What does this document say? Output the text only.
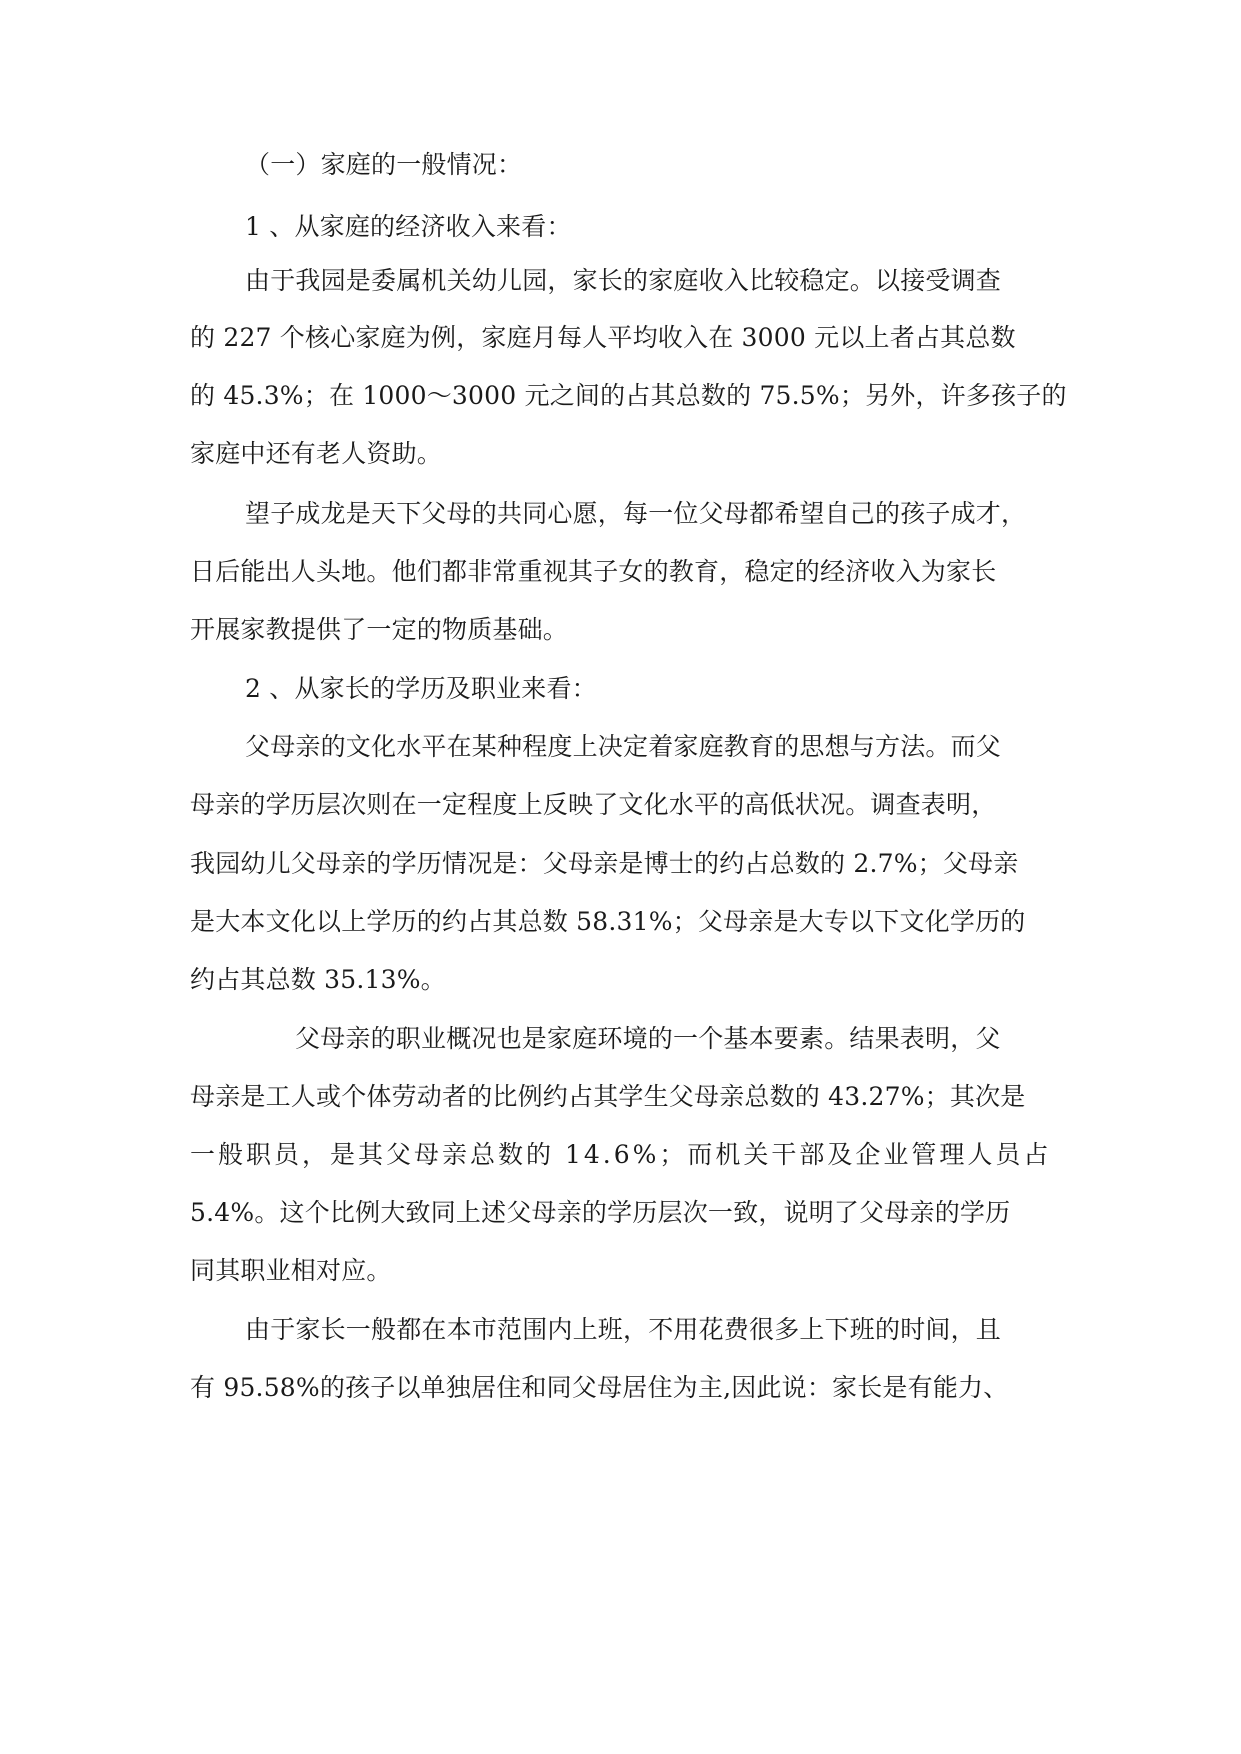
（一）家庭的一般情况：
1 、从家庭的经济收入来看：
由于我园是委属机关幼儿园，家长的家庭收入比较稳定。以接受调查
的 227 个核心家庭为例，家庭月每人平均收入在 3000 元以上者占其总数
的 45.3%；在 1000～3000 元之间的占其总数的 75.5%；另外，许多孩子的
家庭中还有老人资助。
望子成龙是天下父母的共同心愿，每一位父母都希望自己的孩子成才，
日后能出人头地。他们都非常重视其子女的教育，稳定的经济收入为家长
开展家教提供了一定的物质基础。
2 、从家长的学历及职业来看：
父母亲的文化水平在某种程度上决定着家庭教育的思想与方法。而父
母亲的学历层次则在一定程度上反映了文化水平的高低状况。调查表明，
我园幼儿父母亲的学历情况是：父母亲是博士的约占总数的 2.7%；父母亲
是大本文化以上学历的约占其总数 58.31%；父母亲是大专以下文化学历的
约占其总数 35.13%。
父母亲的职业概况也是家庭环境的一个基本要素。结果表明，父
母亲是工人或个体劳动者的比例约占其学生父母亲总数的 43.27%；其次是
一般职员，是其父母亲总数的 14.6%；而机关干部及企业管理人员占
5.4%。这个比例大致同上述父母亲的学历层次一致，说明了父母亲的学历
同其职业相对应。
由于家长一般都在本市范围内上班，不用花费很多上下班的时间，且
有 95.58%的孩子以单独居住和同父母居住为主,因此说：家长是有能力、
